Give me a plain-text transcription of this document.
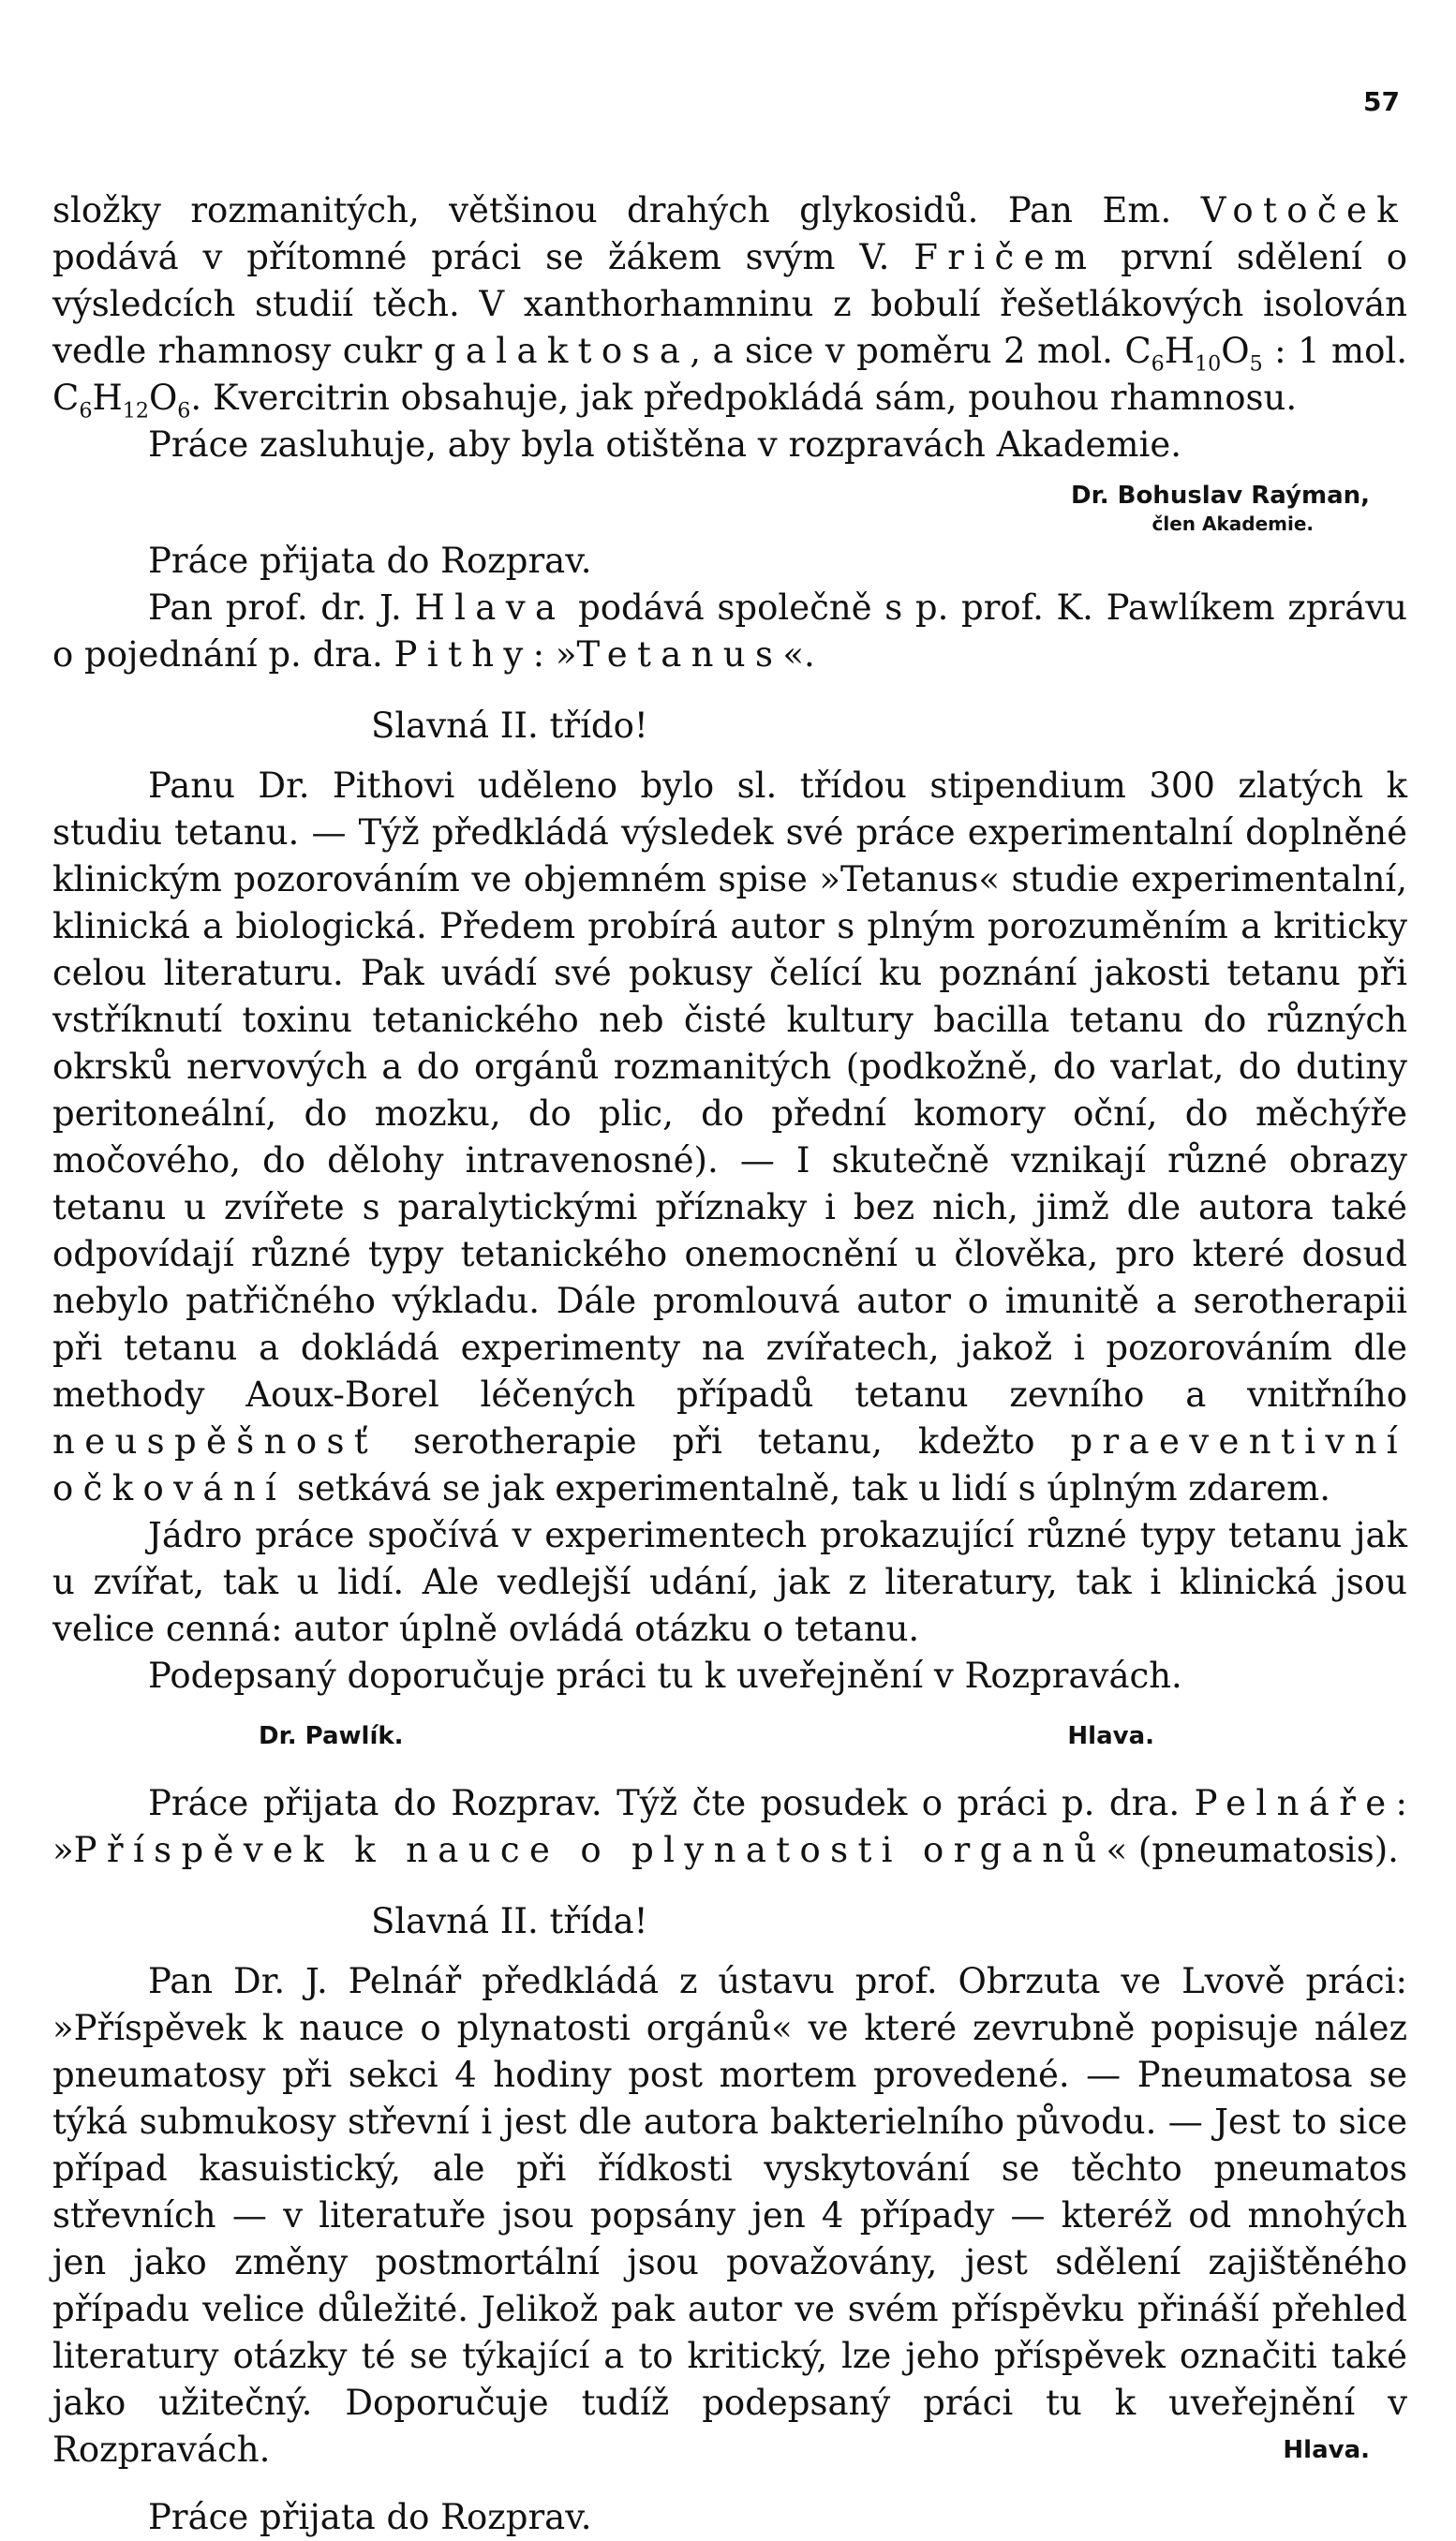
57

složky rozmanitých, většinou drahých glykosidů. Pan Em. Votoček podává v přítomné práci se žákem svým V. Fričem první sdělení o výsledcích studií těch. V xanthorhamninu z bobulí řešetlákových isolován vedle rhamnosy cukr galaktosa, a sice v poměru 2 mol. $C_6H_{10}O_5$ : 1 mol. $C_6H_{12}O_6$. Kvercitrin obsahuje, jak předpokládá sám, pouhou rhamnosu.

Práce zasluhuje, aby byla otištěna v rozpravách Akademie.

Dr. Bohuslav Raýman,
člen Akademie.

Práce přijata do Rozprav.

Pan prof. dr. J. Hlava podává společně s p. prof. K. Pawlíkem zprávu o pojednání p. dra. Pithy: »Tetanus«.

Slavná II. třído!

Panu Dr. Pithovi uděleno bylo sl. třídou stipendium 300 zlatých k studiu tetanu. — Týž předkládá výsledek své práce experimentalní doplněné klinickým pozorováním ve objemném spise »Tetanus« studie experimentalní, klinická a biologická. Předem probírá autor s plným porozuměním a kriticky celou literaturu. Pak uvádí své pokusy čelící ku poznání jakosti tetanu při vstříknutí toxinu tetanického neb čisté kultury bacilla tetanu do různých okrsků nervových a do orgánů rozmanitých (podkožně, do varlat, do dutiny peritoneální, do mozku, do plic, do přední komory oční, do měchýře močového, do dělohy intravenosné). — I skutečně vznikají různé obrazy tetanu u zvířete s paralytickými příznaky i bez nich, jimž dle autora také odpovídají různé typy tetanického onemocnění u člověka, pro které dosud nebylo patřičného výkladu. Dále promlouvá autor o imunitě a serotherapii při tetanu a dokládá experimenty na zvířatech, jakož i pozorováním dle methody Aoux-Borel léčených případů tetanu zevního a vnitřního neuspěšnosť serotherapie při tetanu, kdežto praeventivní očkování setkává se jak experimentalně, tak u lidí s úplným zdarem.

Jádro práce spočívá v experimentech prokazující různé typy tetanu jak u zvířat, tak u lidí. Ale vedlejší udání, jak z literatury, tak i klinická jsou velice cenná: autor úplně ovládá otázku o tetanu.

Podepsaný doporučuje práci tu k uveřejnění v Rozpravách.

Dr. Pawlík.	Hlava.

Práce přijata do Rozprav. Týž čte posudek o práci p. dra. Pelnáře: »Příspěvek k nauce o plynatosti organů« (pneumatosis).

Slavná II. třída!

Pan Dr. J. Pelnář předkládá z ústavu prof. Obrzuta ve Lvově práci: »Příspěvek k nauce o plynatosti orgánů« ve které zevrubně popisuje nález pneumatosy při sekci 4 hodiny post mortem provedené. — Pneumatosa se týká submukosy střevní i jest dle autora bakterielního původu. — Jest to sice případ kasuistický, ale při řídkosti vyskytování se těchto pneumatos střevních — v literatuře jsou popsány jen 4 případy — kteréž od mnohých jen jako změny postmortální jsou považovány, jest sdělení zajištěného případu velice důležité. Jelikož pak autor ve svém příspěvku přináší přehled literatury otázky té se týkající a to kritický, lze jeho příspěvek označiti také jako užitečný. Doporučuje tudíž podepsaný práci tu k uveřejnění v Rozpravách.	Hlava.

Práce přijata do Rozprav.
